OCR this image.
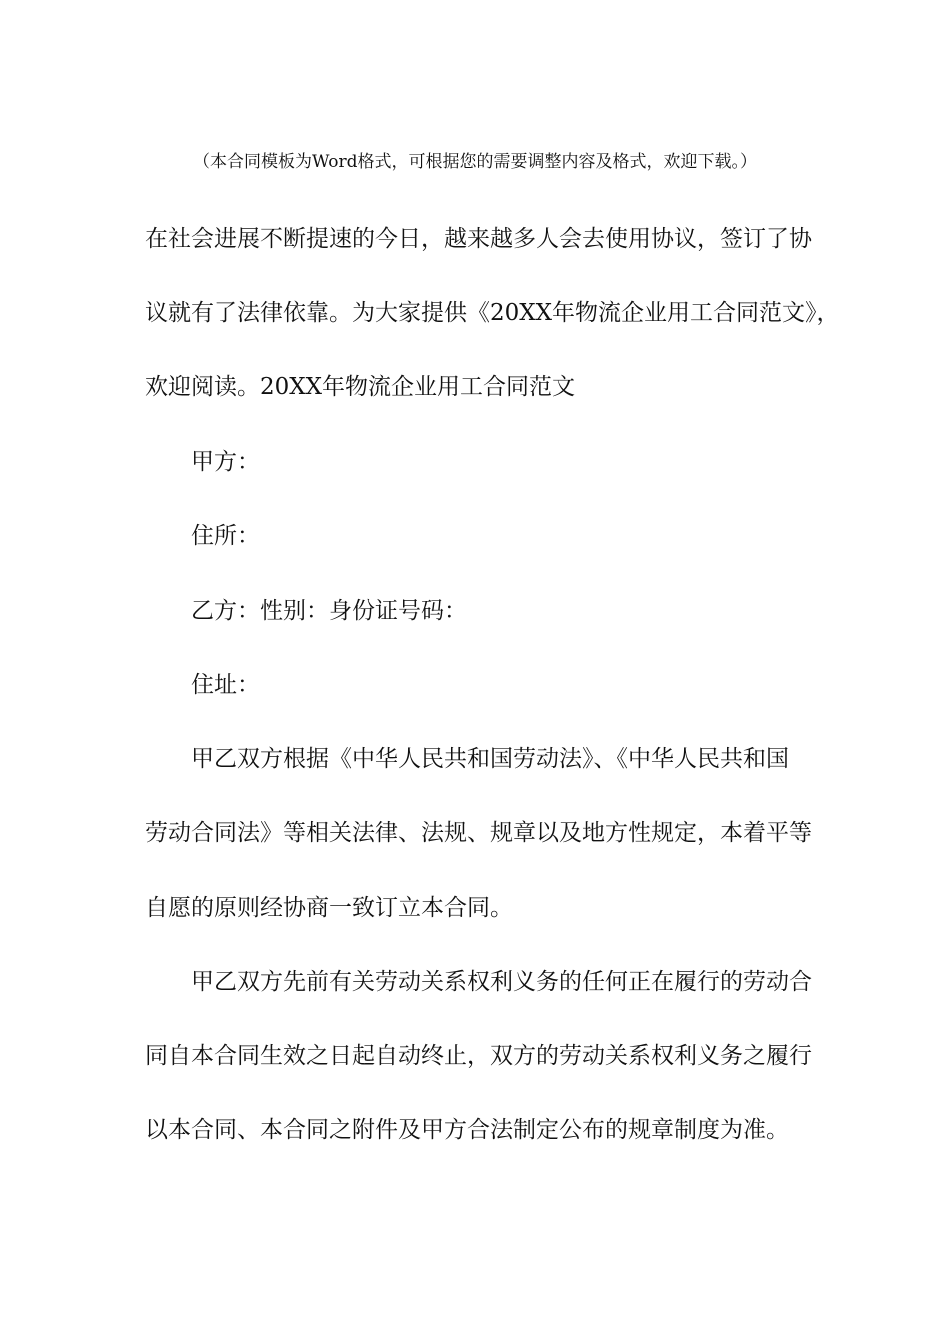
（本合同模板为Word格式，可根据您的需要调整内容及格式，欢迎下载。）
在社会进展不断提速的今日，越来越多人会去使用协议，签订了协
议就有了法律依靠。为大家提供《20XX年物流企业用工合同范文》，
欢迎阅读。20XX年物流企业用工合同范文
甲方：
住所：
乙方：性别：身份证号码：
住址：
甲乙双方根据《中华人民共和国劳动法》、《中华人民共和国
劳动合同法》等相关法律、法规、规章以及地方性规定，本着平等
自愿的原则经协商一致订立本合同。
甲乙双方先前有关劳动关系权利义务的任何正在履行的劳动合
同自本合同生效之日起自动终止，双方的劳动关系权利义务之履行
以本合同、本合同之附件及甲方合法制定公布的规章制度为准。
